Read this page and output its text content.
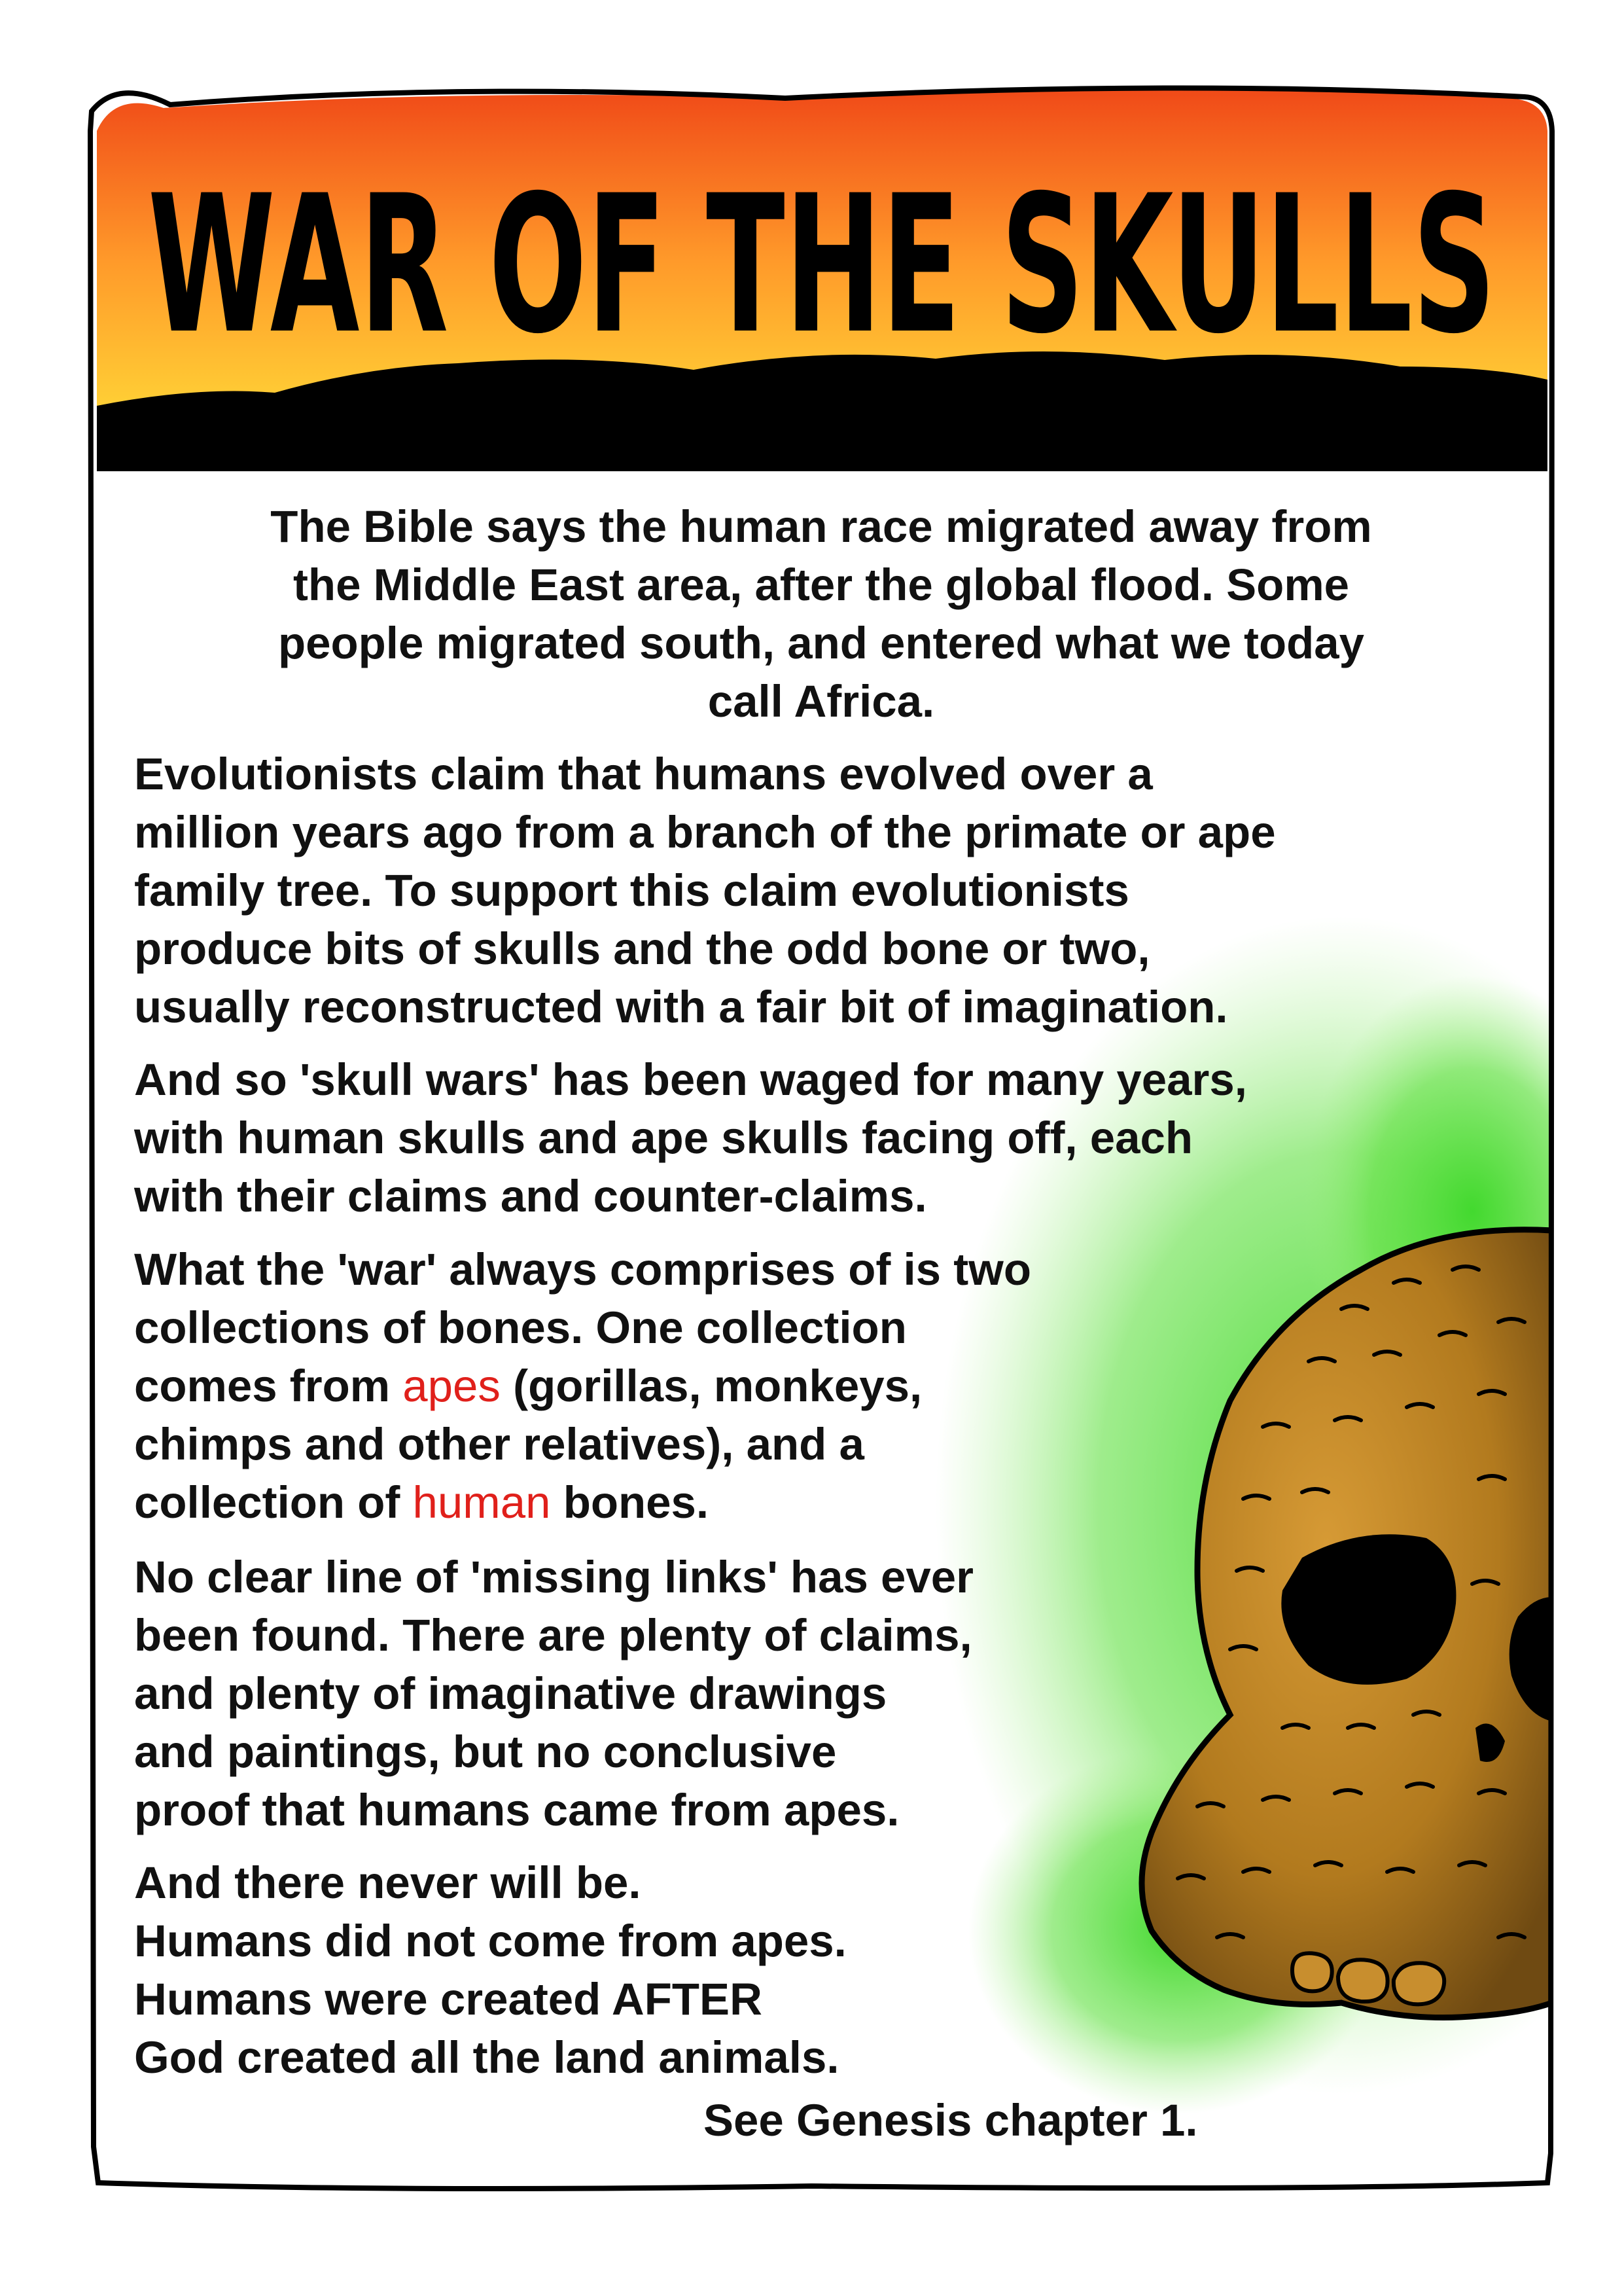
WAR OF THE SKULLS
The Bible says the human race migrated away from
the Middle East area, after the global flood. Some
people migrated south, and entered what we today
call Africa.
Evolutionists claim that humans evolved over a
million years ago from a branch of the primate or ape
family tree. To support this claim evolutionists
produce bits of skulls and the odd bone or two,
usually reconstructed with a fair bit of imagination.
And so 'skull wars' has been waged for many years,
with human skulls and ape skulls facing off, each
with their claims and counter-claims.
What the 'war' always comprises of is two
collections of bones. One collection
comes from apes (gorillas, monkeys,
chimps and other relatives), and a
collection of human bones.
No clear line of 'missing links' has ever
been found. There are plenty of claims,
and plenty of imaginative drawings
and paintings, but no conclusive
proof that humans came from apes.
And there never will be.
Humans did not come from apes.
Humans were created AFTER
God created all the land animals.
See Genesis chapter 1.
